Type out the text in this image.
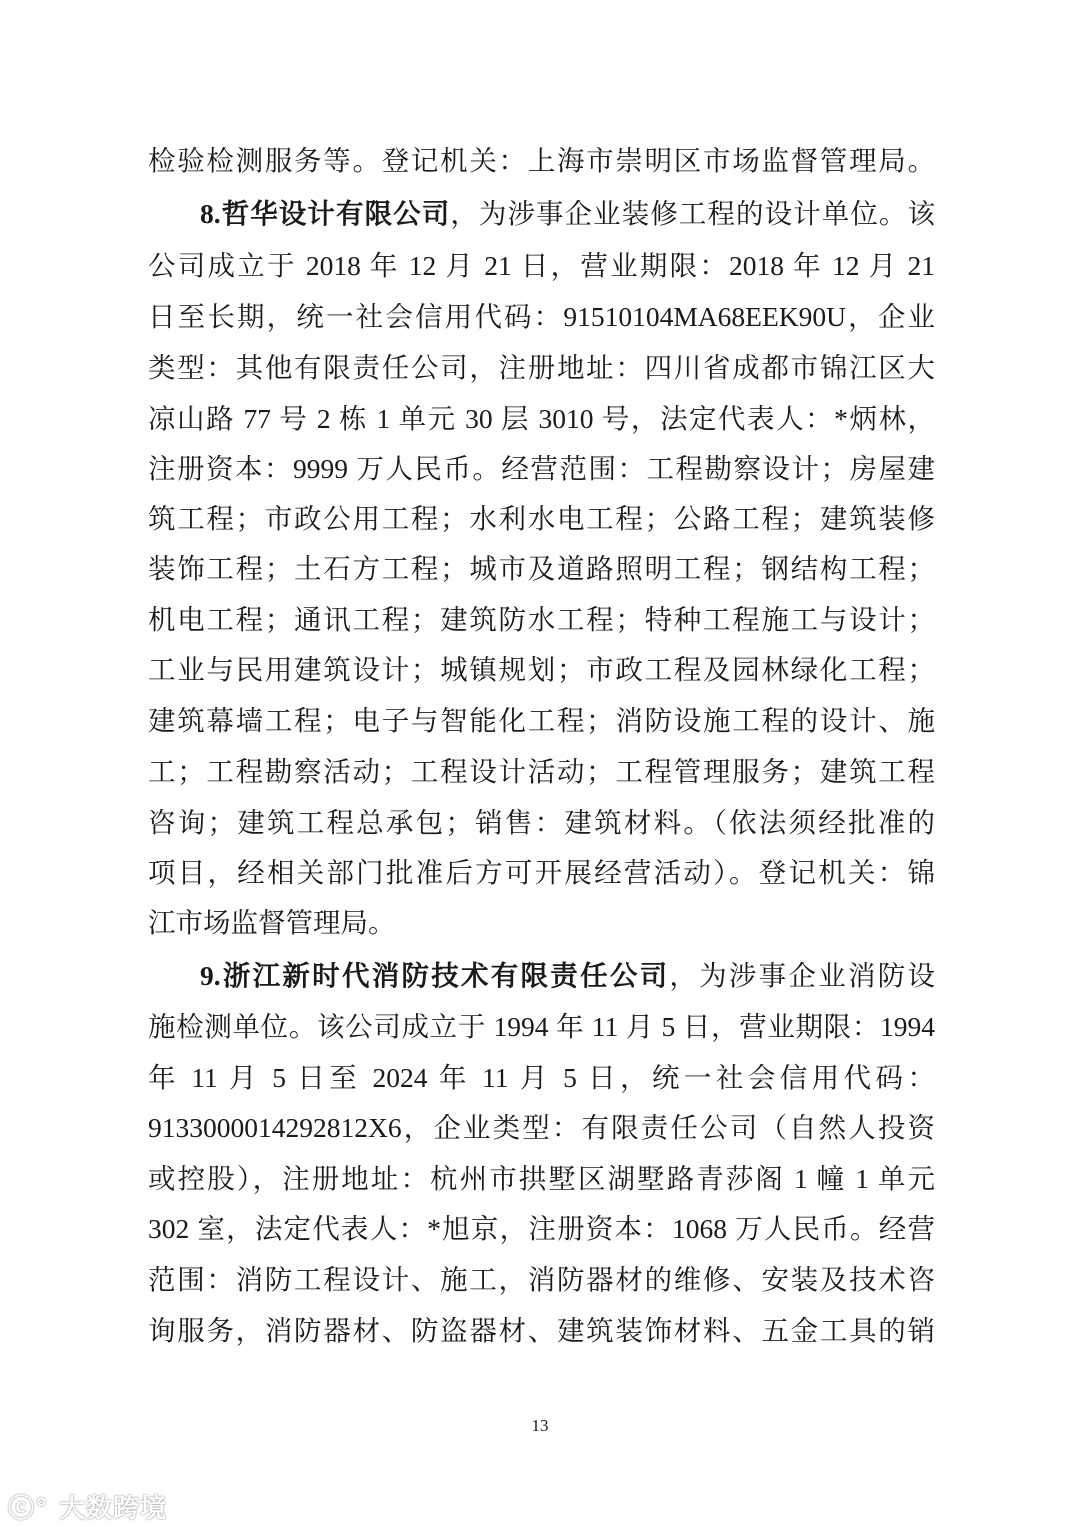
检验检测服务等。登记机关：上海市崇明区市场监督管理局。
8.哲华设计有限公司，为涉事企业装修工程的设计单位。该
公司成立于 2018 年 12 月 21 日，营业期限：2018 年 12 月 21
日至长期，统一社会信用代码：91510104MA68EEK90U，企业
类型：其他有限责任公司，注册地址：四川省成都市锦江区大
凉山路 77 号 2 栋 1 单元 30 层 3010 号，法定代表人：*炳林，
注册资本：9999 万人民币。经营范围：工程勘察设计；房屋建
筑工程；市政公用工程；水利水电工程；公路工程；建筑装修
装饰工程；土石方工程；城市及道路照明工程；钢结构工程；
机电工程；通讯工程；建筑防水工程；特种工程施工与设计；
工业与民用建筑设计；城镇规划；市政工程及园林绿化工程；
建筑幕墙工程；电子与智能化工程；消防设施工程的设计、施
工；工程勘察活动；工程设计活动；工程管理服务；建筑工程
咨询；建筑工程总承包；销售：建筑材料。（依法须经批准的
项目，经相关部门批准后方可开展经营活动）。登记机关：锦
江市场监督管理局。
9.浙江新时代消防技术有限责任公司，为涉事企业消防设
施检测单位。该公司成立于 1994 年 11 月 5 日，营业期限：1994
年 11 月 5 日至 2024 年 11 月 5 日，统一社会信用代码：
9133000014292812X6，企业类型：有限责任公司（自然人投资
或控股），注册地址：杭州市拱墅区湖墅路青莎阁 1 幢 1 单元
302 室，法定代表人：*旭京，注册资本：1068 万人民币。经营
范围：消防工程设计、施工，消防器材的维修、安装及技术咨
询服务，消防器材、防盗器材、建筑装饰材料、五金工具的销
13
ⓒ° 大数跨境
